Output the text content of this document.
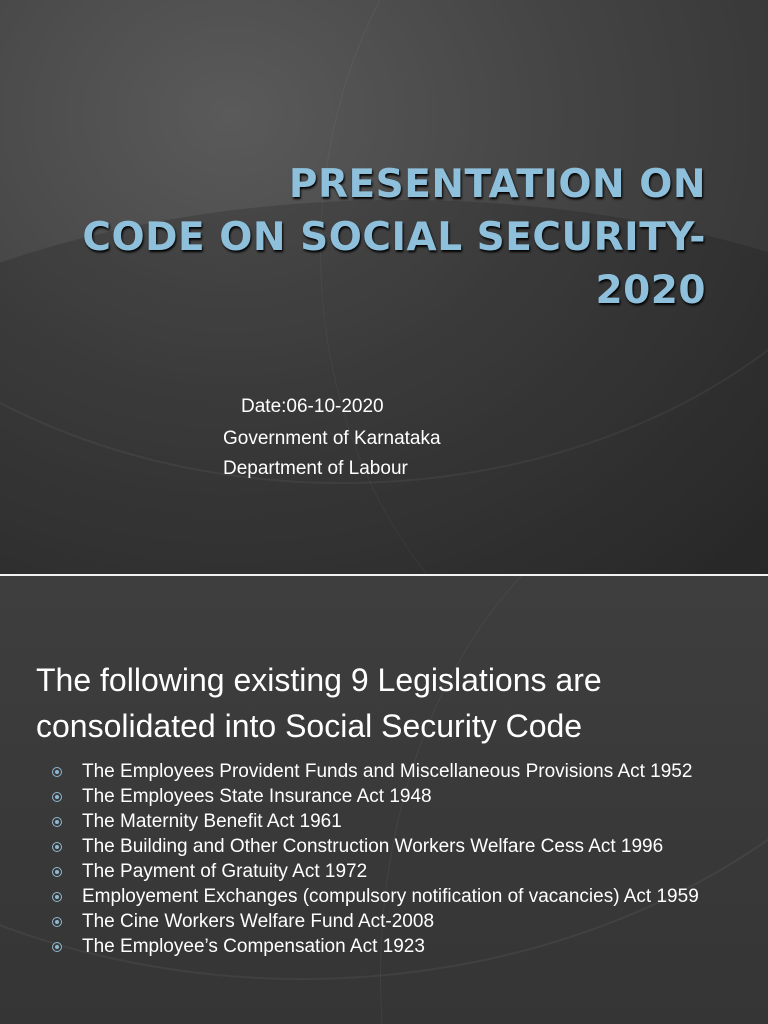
PRESENTATION ON
CODE ON SOCIAL SECURITY-
2020
Date:06-10-2020
Government of Karnataka
Department of Labour
The following existing 9 Legislations are
consolidated into Social Security Code
The Employees Provident Funds and Miscellaneous Provisions Act 1952
The Employees State Insurance Act 1948
The Maternity Benefit Act 1961
The Building and Other Construction Workers Welfare Cess Act 1996
The Payment of Gratuity Act 1972
Employement Exchanges (compulsory notification of vacancies) Act 1959
The Cine Workers Welfare Fund Act-2008
The Employee’s Compensation Act 1923
